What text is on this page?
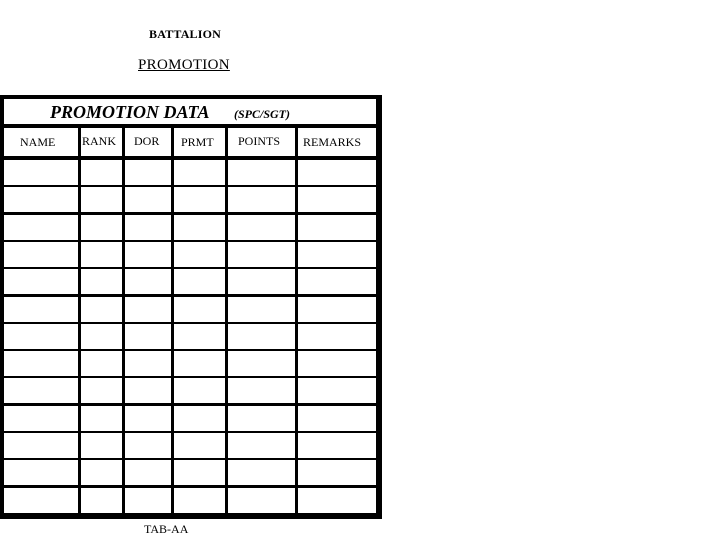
BATTALION
PROMOTION
PROMOTION DATA (SPC/SGT)
NAME RANK DOR PRMT POINTS REMARKS
TAB-AA
